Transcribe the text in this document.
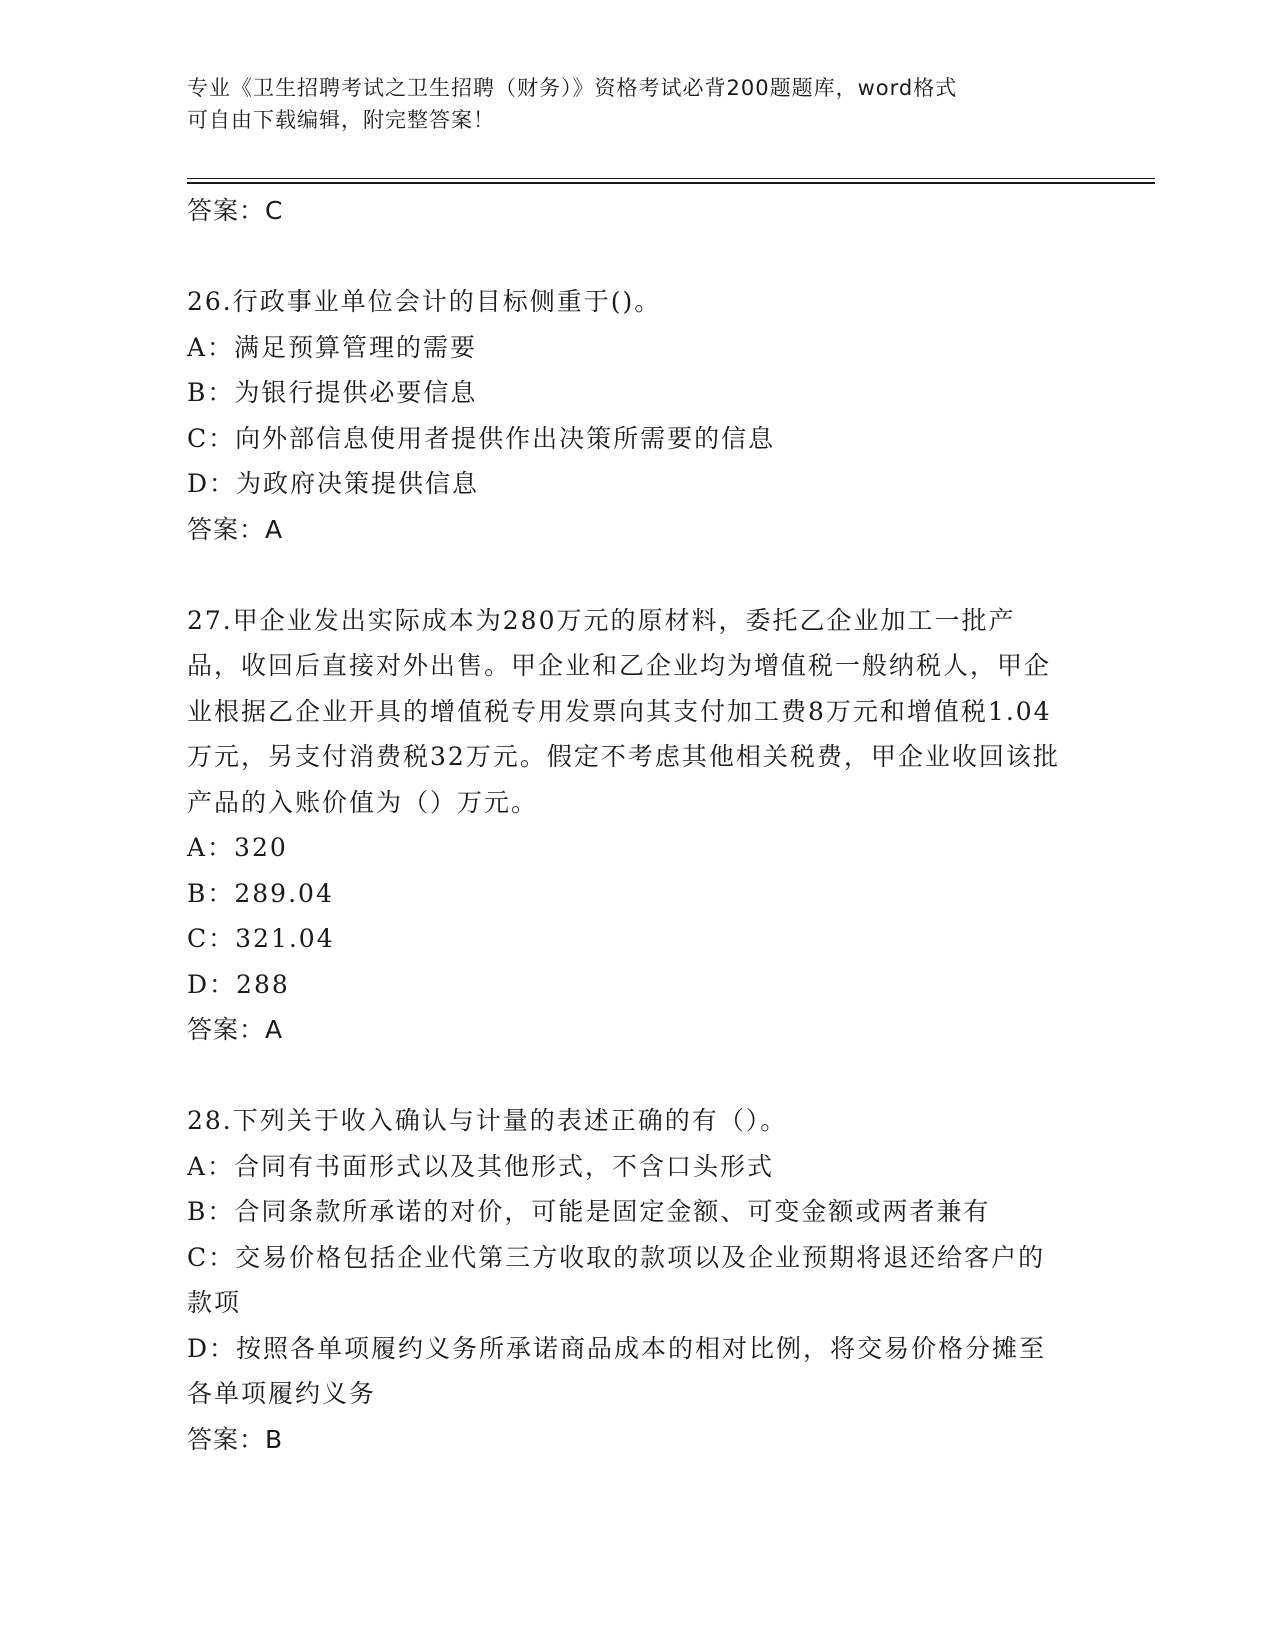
专业《卫生招聘考试之卫生招聘（财务）》资格考试必背200题题库，word格式
可自由下载编辑，附完整答案！
答案：C
26.行政事业单位会计的目标侧重于()。
A：满足预算管理的需要
B：为银行提供必要信息
C：向外部信息使用者提供作出决策所需要的信息
D：为政府决策提供信息
答案：A
27.甲企业发出实际成本为280万元的原材料，委托乙企业加工一批产品，收回后直接对外出售。甲企业和乙企业均为增值税一般纳税人，甲企业根据乙企业开具的增值税专用发票向其支付加工费8万元和增值税1.04万元，另支付消费税32万元。假定不考虑其他相关税费，甲企业收回该批产品的入账价值为（）万元。
A：320
B：289.04
C：321.04
D：288
答案：A
28.下列关于收入确认与计量的表述正确的有（）。
A：合同有书面形式以及其他形式，不含口头形式
B：合同条款所承诺的对价，可能是固定金额、可变金额或两者兼有
C：交易价格包括企业代第三方收取的款项以及企业预期将退还给客户的款项
D：按照各单项履约义务所承诺商品成本的相对比例，将交易价格分摊至各单项履约义务
答案：B
